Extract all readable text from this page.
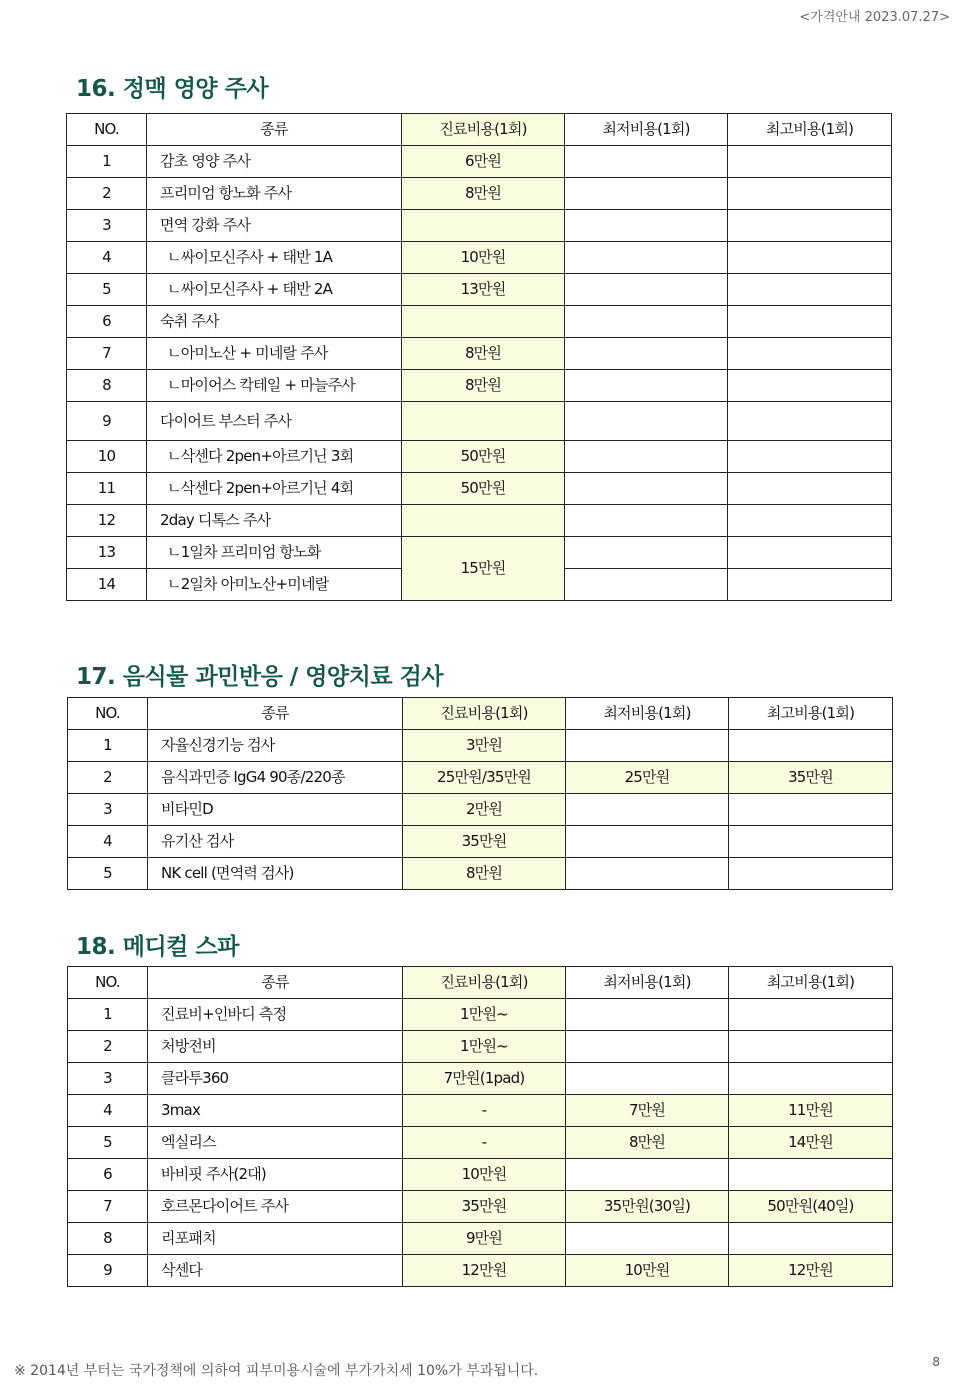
<가격안내 2023.07.27>
16. 정맥 영양 주사
NO.	종류	진료비용(1회)	최저비용(1회)	최고비용(1회)
1	감초 영양 주사	6만원		
2	프리미엄 항노화 주사	8만원		
3	면역 강화 주사			
4	ㄴ싸이모신주사 + 태반 1A	10만원		
5	ㄴ싸이모신주사 + 태반 2A	13만원		
6	숙취 주사			
7	ㄴ아미노산 + 미네랄 주사	8만원		
8	ㄴ마이어스 칵테일 + 마늘주사	8만원		
9	다이어트 부스터 주사			
10	ㄴ삭센다 2pen+아르기닌 3회	50만원		
11	ㄴ삭센다 2pen+아르기닌 4회	50만원		
12	2day 디톡스 주사			
13	ㄴ1일차 프리미엄 항노화	15만원		
14	ㄴ2일차 아미노산+미네랄			
17. 음식물 과민반응 / 영양치료 검사
NO.	종류	진료비용(1회)	최저비용(1회)	최고비용(1회)
1	자율신경기능 검사	3만원		
2	음식과민증 IgG4 90종/220종	25만원/35만원	25만원	35만원
3	비타민D	2만원		
4	유기산 검사	35만원		
5	NK cell (면역력 검사)	8만원		
18. 메디컬 스파
NO.	종류	진료비용(1회)	최저비용(1회)	최고비용(1회)
1	진료비+인바디 측정	1만원~		
2	처방전비	1만원~		
3	클라투360	7만원(1pad)		
4	3max	-	7만원	11만원
5	엑실리스	-	8만원	14만원
6	바비핏 주사(2대)	10만원		
7	호르몬다이어트 주사	35만원	35만원(30일)	50만원(40일)
8	리포패치	9만원		
9	삭센다	12만원	10만원	12만원
※ 2014년 부터는 국가정책에 의하여 피부미용시술에 부가가치세 10%가 부과됩니다.
8
